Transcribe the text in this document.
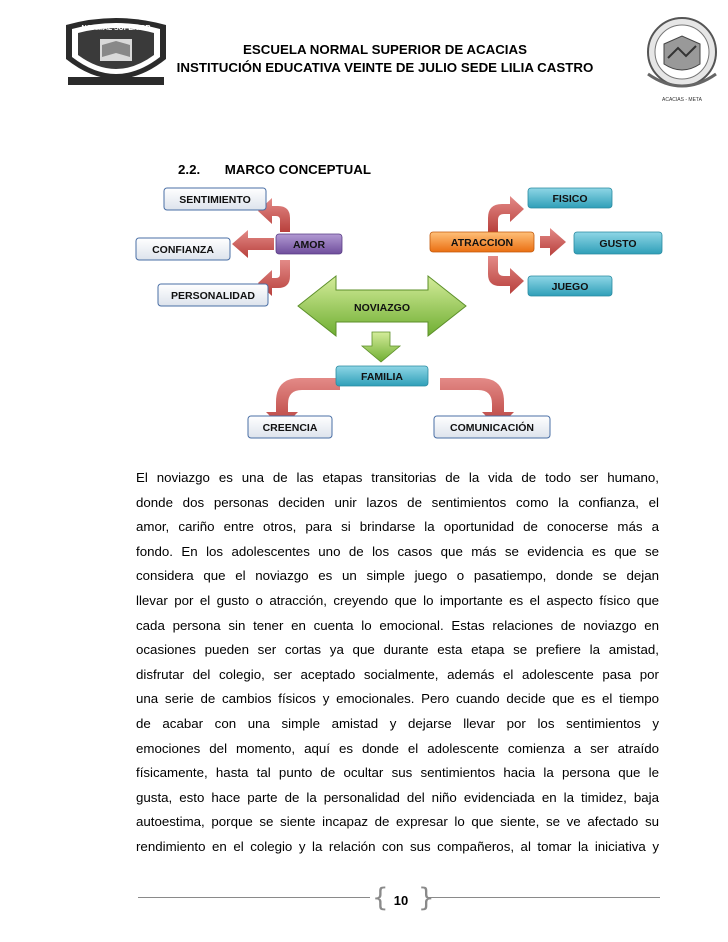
NORMAL SUPERIOR
ACACIAS - META
ESCUELA NORMAL SUPERIOR DE ACACIAS
INSTITUCIÓN EDUCATIVA VEINTE DE JULIO SEDE LILIA CASTRO
2.2. MARCO CONCEPTUAL
NOVIAZGO
AMOR	ATRACCION
FAMILIA
FISICO
GUSTO
JUEGO
SENTIMIENTO
CONFIANZA
PERSONALIDAD
CREENCIA	COMUNICACIÓN
El noviazgo es una de las etapas transitorias de la vida de todo ser humano,
donde dos personas deciden unir lazos de sentimientos como la confianza, el
amor, cariño entre otros, para si brindarse la oportunidad de conocerse más a
fondo. En los adolescentes uno de los casos que más se evidencia es que se
considera que el noviazgo es un simple juego o pasatiempo, donde se dejan
llevar por el gusto o atracción, creyendo que lo importante es el aspecto físico que
cada persona sin tener en cuenta lo emocional. Estas relaciones de noviazgo en
ocasiones pueden ser cortas ya que durante esta etapa se prefiere la amistad,
disfrutar del colegio, ser aceptado socialmente, además el adolescente pasa por
una serie de cambios físicos y emocionales. Pero cuando decide que es el tiempo
de acabar con una simple amistad y dejarse llevar por los sentimientos y
emociones del momento, aquí es donde el adolescente comienza a ser atraído
físicamente, hasta tal punto de ocultar sus sentimientos hacia la persona que le
gusta, esto hace parte de la personalidad del niño evidenciada en la timidez, baja
autoestima, porque se siente incapaz de expresar lo que siente, se ve afectado su
rendimiento en el colegio y la relación con sus compañeros, al tomar la iniciativa y
{ 10 }
